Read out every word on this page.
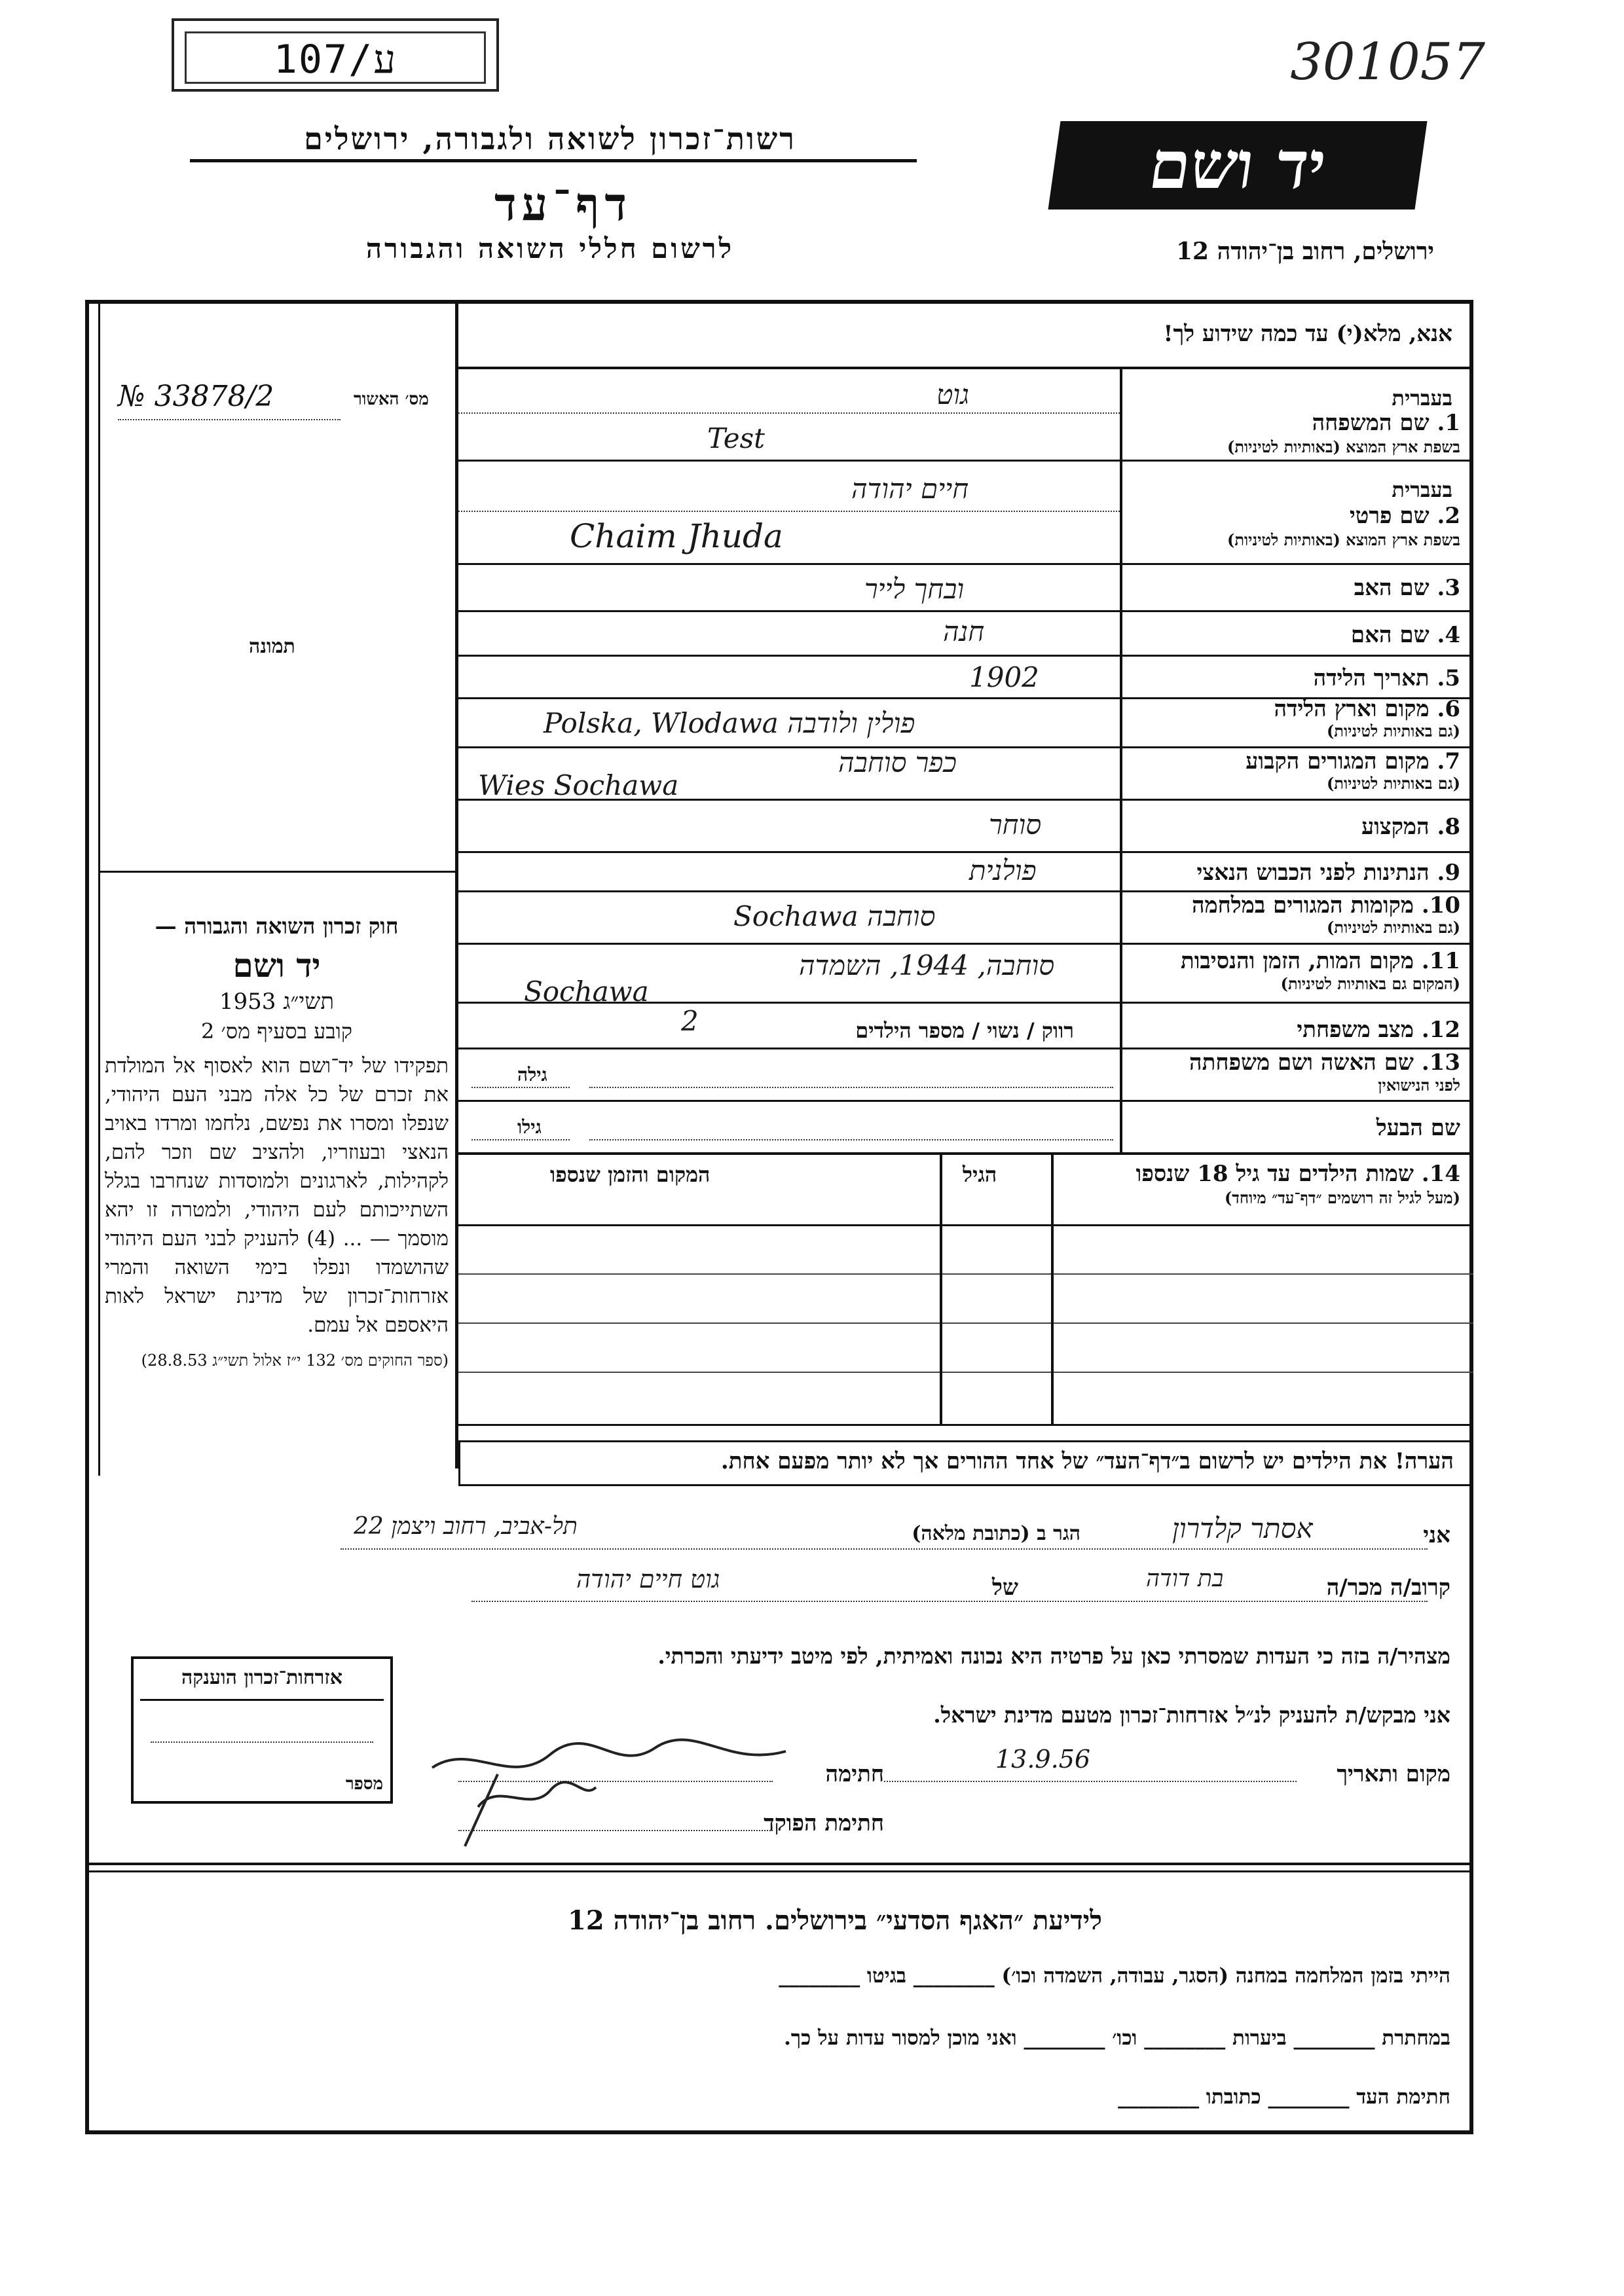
107/ע	301057
רשות־זכרון לשואה ולגבורה, ירושלים	יד ושם
דף־עד
לרשום חללי השואה והגבורה	ירושלים, רחוב בן־יהודה 12
אנא, מלא(י) עד כמה שידוע לך!
מס׳ האשור
№ 33878/2
תמונה
חוק זכרון השואה והגבורה —
יד ושם
תשי״ג 1953
קובע בסעיף מס׳ 2
תפקידו של יד־ושם הוא לאסוף אל המולדת את זכרם של כל אלה מבני העם היהודי, שנפלו ומסרו את נפשם, נלחמו ומרדו באויב הנאצי ובעוזריו, ולהציב שם וזכר להם, לקהילות, לארגונים ולמוסדות שנחרבו בגלל השתייכותם לעם היהודי, ולמטרה זו יהא מוסמך — ... (4) להעניק לבני העם היהודי שהושמדו ונפלו בימי השואה והמרי אזרחות־זכרון של מדינת ישראל לאות היאספם אל עמם.
(ספר החוקים מס׳ 132 י״ז אלול תשי״ג 28.8.53)
בעברית
1. שם המשפחה
בשפת ארץ המוצא (באותיות לטיניות)
גוט
Test
בעברית
2. שם פרטי
בשפת ארץ המוצא (באותיות לטיניות)
חיים יהודה
Chaim Jhuda
3. שם האב
ובחך לייר
4. שם האם
חנה
5. תאריך הלידה
1902
6. מקום וארץ הלידה
(גם באותיות לטיניות)
Polska, Wlodawa פולין ולודבה
7. מקום המגורים הקבוע
(גם באותיות לטיניות)
כפר סוחבה
Wies Sochawa
8. המקצוע
סוחר
9. הנתינות לפני הכבוש הנאצי
פולנית
10. מקומות המגורים במלחמה
(גם באותיות לטיניות)
Sochawa סוחבה
11. מקום המות, הזמן והנסיבות
(המקום גם באותיות לטיניות)
סוחבה, 1944, השמדה
Sochawa
12. מצב משפחתי
רווק / נשוי / מספר הילדים
2
13. שם האשה ושם משפחתה
לפני הנישואין
גילה
שם הבעל
גילו
14. שמות הילדים עד גיל 18 שנספו
(מעל לגיל זה רושמים ״דף־עד״ מיוחד)
הגיל
המקום והזמן שנספו
הערה! את הילדים יש לרשום ב״דף־העד״ של אחד ההורים אך לא יותר מפעם אחת.
אני
אסתר קלדרון
הגר ב (כתובת מלאה)
תל-אביב, רחוב ויצמן 22
קרוב/ה מכר/ה
בת דודה
של
גוט חיים יהודה
מצהיר/ה בזה כי העדות שמסרתי כאן על פרטיה היא נכונה ואמיתית, לפי מיטב ידיעתי והכרתי.
אני מבקש/ת להעניק לנ״ל אזרחות־זכרון מטעם מדינת ישראל.
מקום ותאריך
13.9.56
חתימה
חתימת הפוקד
אזרחות־זכרון הוענקה
מספר
לידיעת ״האגף הסדעי״ בירושלים. רחוב בן־יהודה 12
הייתי בזמן המלחמה במחנה (הסגר, עבודה, השמדה וכו׳) ________ בגיטו ________
במחתרת ________ ביערות ________ וכו׳ ________ ואני מוכן למסור עדות על כך.
חתימת העד ________ כתובתו ________
